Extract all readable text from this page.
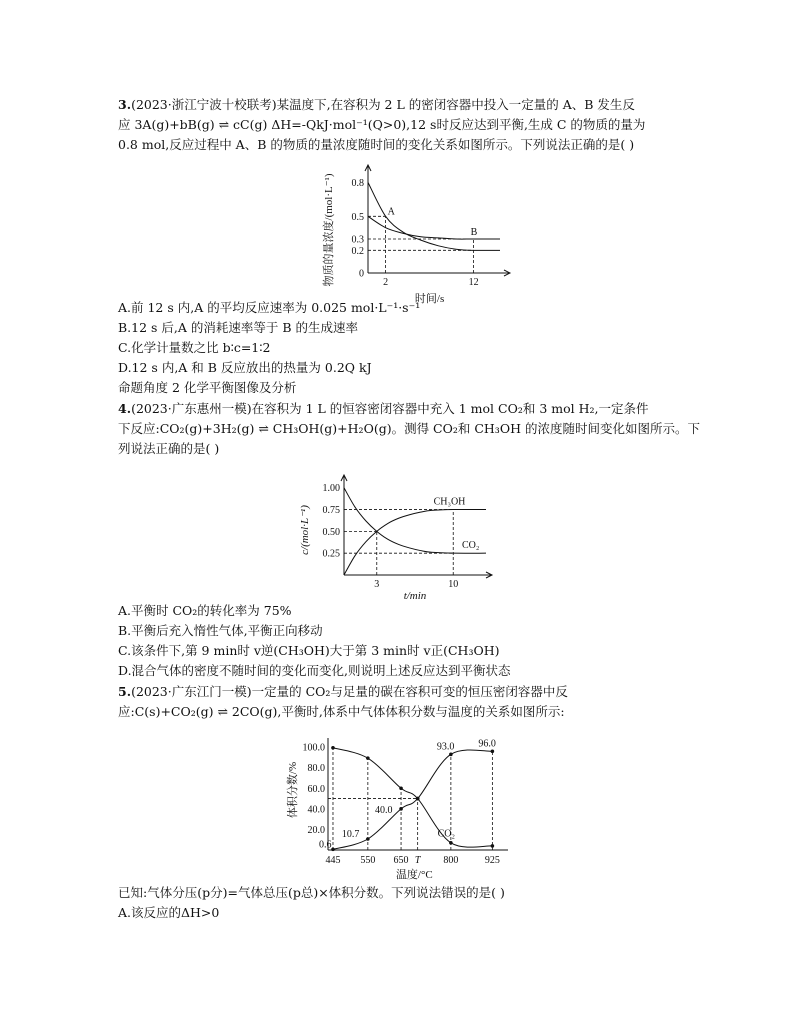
3.(2023·浙江宁波十校联考)某温度下,在容积为 2 L 的密闭容器中投入一定量的 A、B 发生反
应 3A(g)+bB(g) ⇌ cC(g) ΔH=-QkJ·mol⁻¹(Q>0),12 s时反应达到平衡,生成 C 的物质的量为
0.8 mol,反应过程中 A、B 的物质的量浓度随时间的变化关系如图所示。下列说法正确的是( )
物质的量浓度/(mol·L⁻¹)
时间/s
0
0.2
0.3
0.5
0.8
2	12
A
B
A.前 12 s 内,A 的平均反应速率为 0.025 mol·L⁻¹·s⁻¹
B.12 s 后,A 的消耗速率等于 B 的生成速率
C.化学计量数之比 b∶c=1∶2
D.12 s 内,A 和 B 反应放出的热量为 0.2Q kJ
命题角度 2 化学平衡图像及分析
4.(2023·广东惠州一模)在容积为 1 L 的恒容密闭容器中充入 1 mol CO₂和 3 mol H₂,一定条件
下反应:CO₂(g)+3H₂(g) ⇌ CH₃OH(g)+H₂O(g)。测得 CO₂和 CH₃OH 的浓度随时间变化如图所示。下
列说法正确的是( )
c/(mol·L⁻¹)
t/min
0.25
0.50
0.75
1.00
3	10
CH₃OH
CO₂
A.平衡时 CO₂的转化率为 75%
B.平衡后充入惰性气体,平衡正向移动
C.该条件下,第 9 min时 v逆(CH₃OH)大于第 3 min时 v正(CH₃OH)
D.混合气体的密度不随时间的变化而变化,则说明上述反应达到平衡状态
5.(2023·广东江门一模)一定量的 CO₂与足量的碳在容积可变的恒压密闭容器中反
应:C(s)+CO₂(g) ⇌ 2CO(g),平衡时,体系中气体体积分数与温度的关系如图所示:
体积分数/%
温度/°C
20.0
40.0
60.0
80.0
100.0
445 550 650 T 800	925
0.6
10.7
40.0
93.0 96.0
CO₂
已知:气体分压(p分)=气体总压(p总)×体积分数。下列说法错误的是( )
A.该反应的ΔH>0
